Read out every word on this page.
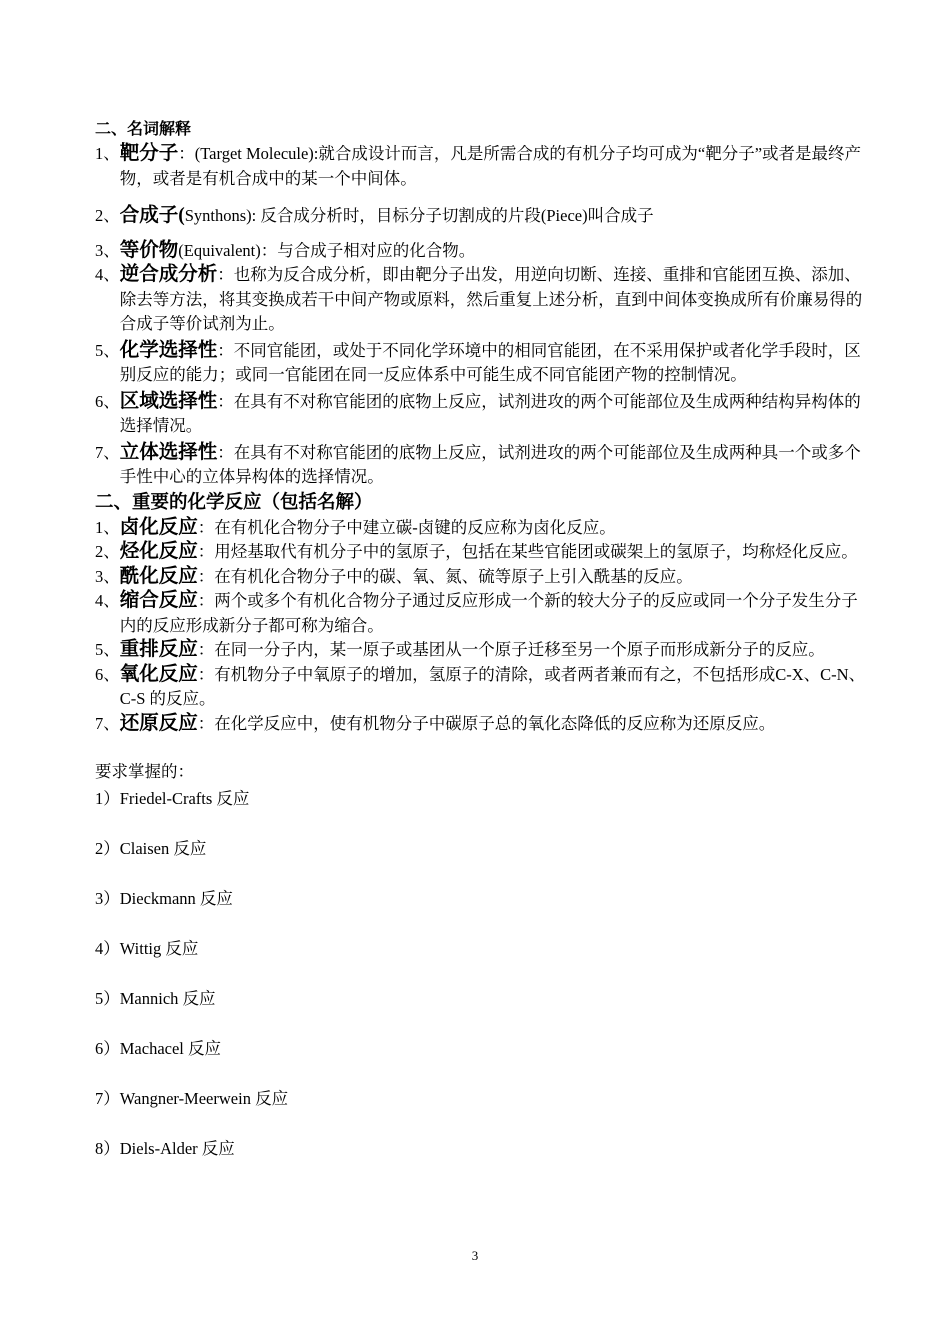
二、名词解释

1、 靶分子：(Target Molecule):就合成设计而言，凡是所需合成的有机分子均可成为“靶分子”或者是最终产物，或者是有机合成中的某一个中间体。
2、 合成子(Synthons): 反合成分析时，目标分子切割成的片段(Piece)叫合成子
3、 等价物(Equivalent)：与合成子相对应的化合物。
4、 逆合成分析：也称为反合成分析，即由靶分子出发，用逆向切断、连接、重排和官能团互换、添加、除去等方法，将其变换成若干中间产物或原料，然后重复上述分析，直到中间体变换成所有价廉易得的合成子等价试剂为止。
5、 化学选择性：不同官能团，或处于不同化学环境中的相同官能团，在不采用保护或者化学手段时，区别反应的能力；或同一官能团在同一反应体系中可能生成不同官能团产物的控制情况。
6、 区域选择性：在具有不对称官能团的底物上反应，试剂进攻的两个可能部位及生成两种结构异构体的选择情况。
7、 立体选择性：在具有不对称官能团的底物上反应，试剂进攻的两个可能部位及生成两种具一个或多个手性中心的立体异构体的选择情况。

二、重要的化学反应（包括名解）

1、 卤化反应：在有机化合物分子中建立碳-卤键的反应称为卤化反应。
2、 烃化反应：用烃基取代有机分子中的氢原子，包括在某些官能团或碳架上的氢原子，均称烃化反应。
3、 酰化反应：在有机化合物分子中的碳、氧、氮、硫等原子上引入酰基的反应。
4、 缩合反应：两个或多个有机化合物分子通过反应形成一个新的较大分子的反应或同一个分子发生分子内的反应形成新分子都可称为缩合。
5、 重排反应：在同一分子内，某一原子或基团从一个原子迁移至另一个原子而形成新分子的反应。
6、 氧化反应：有机物分子中氧原子的增加，氢原子的清除，或者两者兼而有之，不包括形成C-X、C-N、C-S 的反应。
7、 还原反应：在化学反应中，使有机物分子中碳原子总的氧化态降低的反应称为还原反应。
要求掌握的：
1）Friedel-Crafts 反应
2）Claisen 反应
3）Dieckmann 反应
4）Wittig 反应
5）Mannich 反应
6）Machacel 反应
7）Wangner-Meerwein 反应
8）Diels-Alder 反应
3
